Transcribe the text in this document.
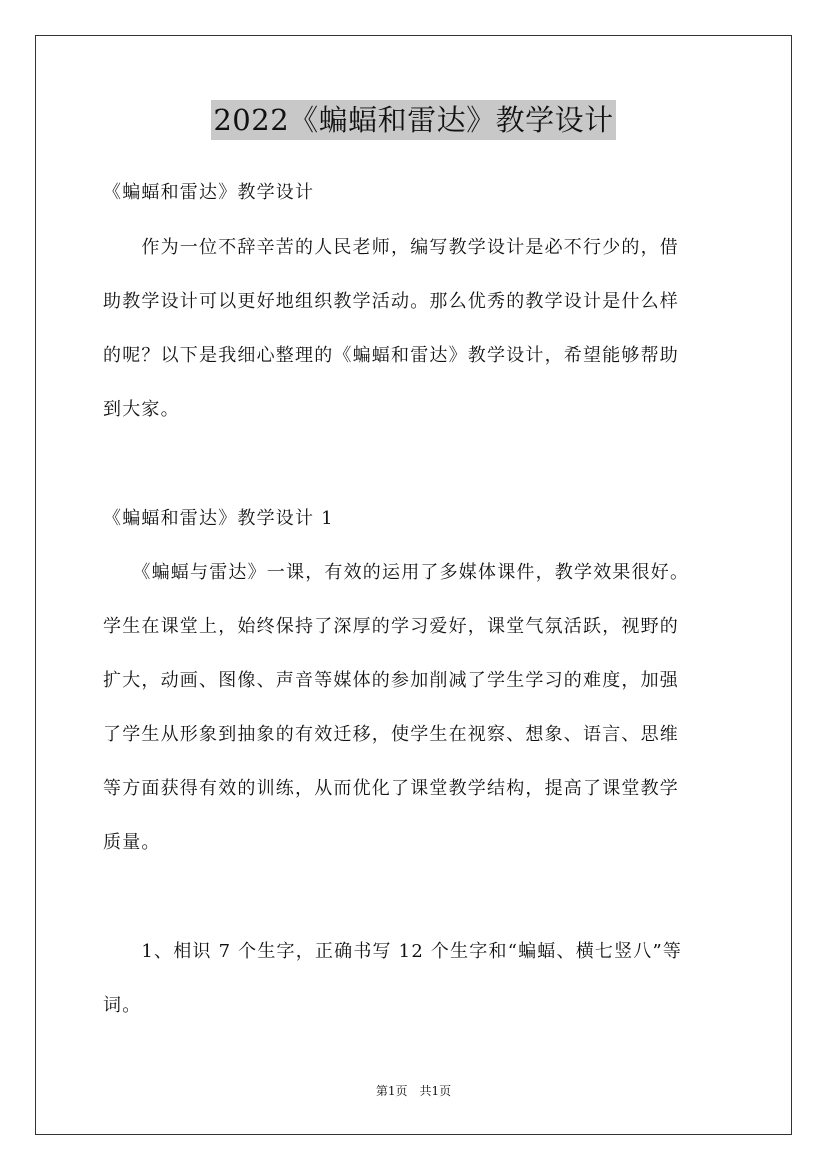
2022《蝙蝠和雷达》教学设计
《蝙蝠和雷达》教学设计
　　作为一位不辞辛苦的人民老师，编写教学设计是必不行少的，借
助教学设计可以更好地组织教学活动。那么优秀的教学设计是什么样
的呢？以下是我细心整理的《蝙蝠和雷达》教学设计，希望能够帮助
到大家。
《蝙蝠和雷达》教学设计 1
　　《蝙蝠与雷达》一课，有效的运用了多媒体课件，教学效果很好。
学生在课堂上，始终保持了深厚的学习爱好，课堂气氛活跃，视野的
扩大，动画、图像、声音等媒体的参加削减了学生学习的难度，加强
了学生从形象到抽象的有效迁移，使学生在视察、想象、语言、思维
等方面获得有效的训练，从而优化了课堂教学结构，提高了课堂教学
质量。
　　1、相识 7 个生字，正确书写 12 个生字和“蝙蝠、横七竖八”等
词。
第1页　共1页
